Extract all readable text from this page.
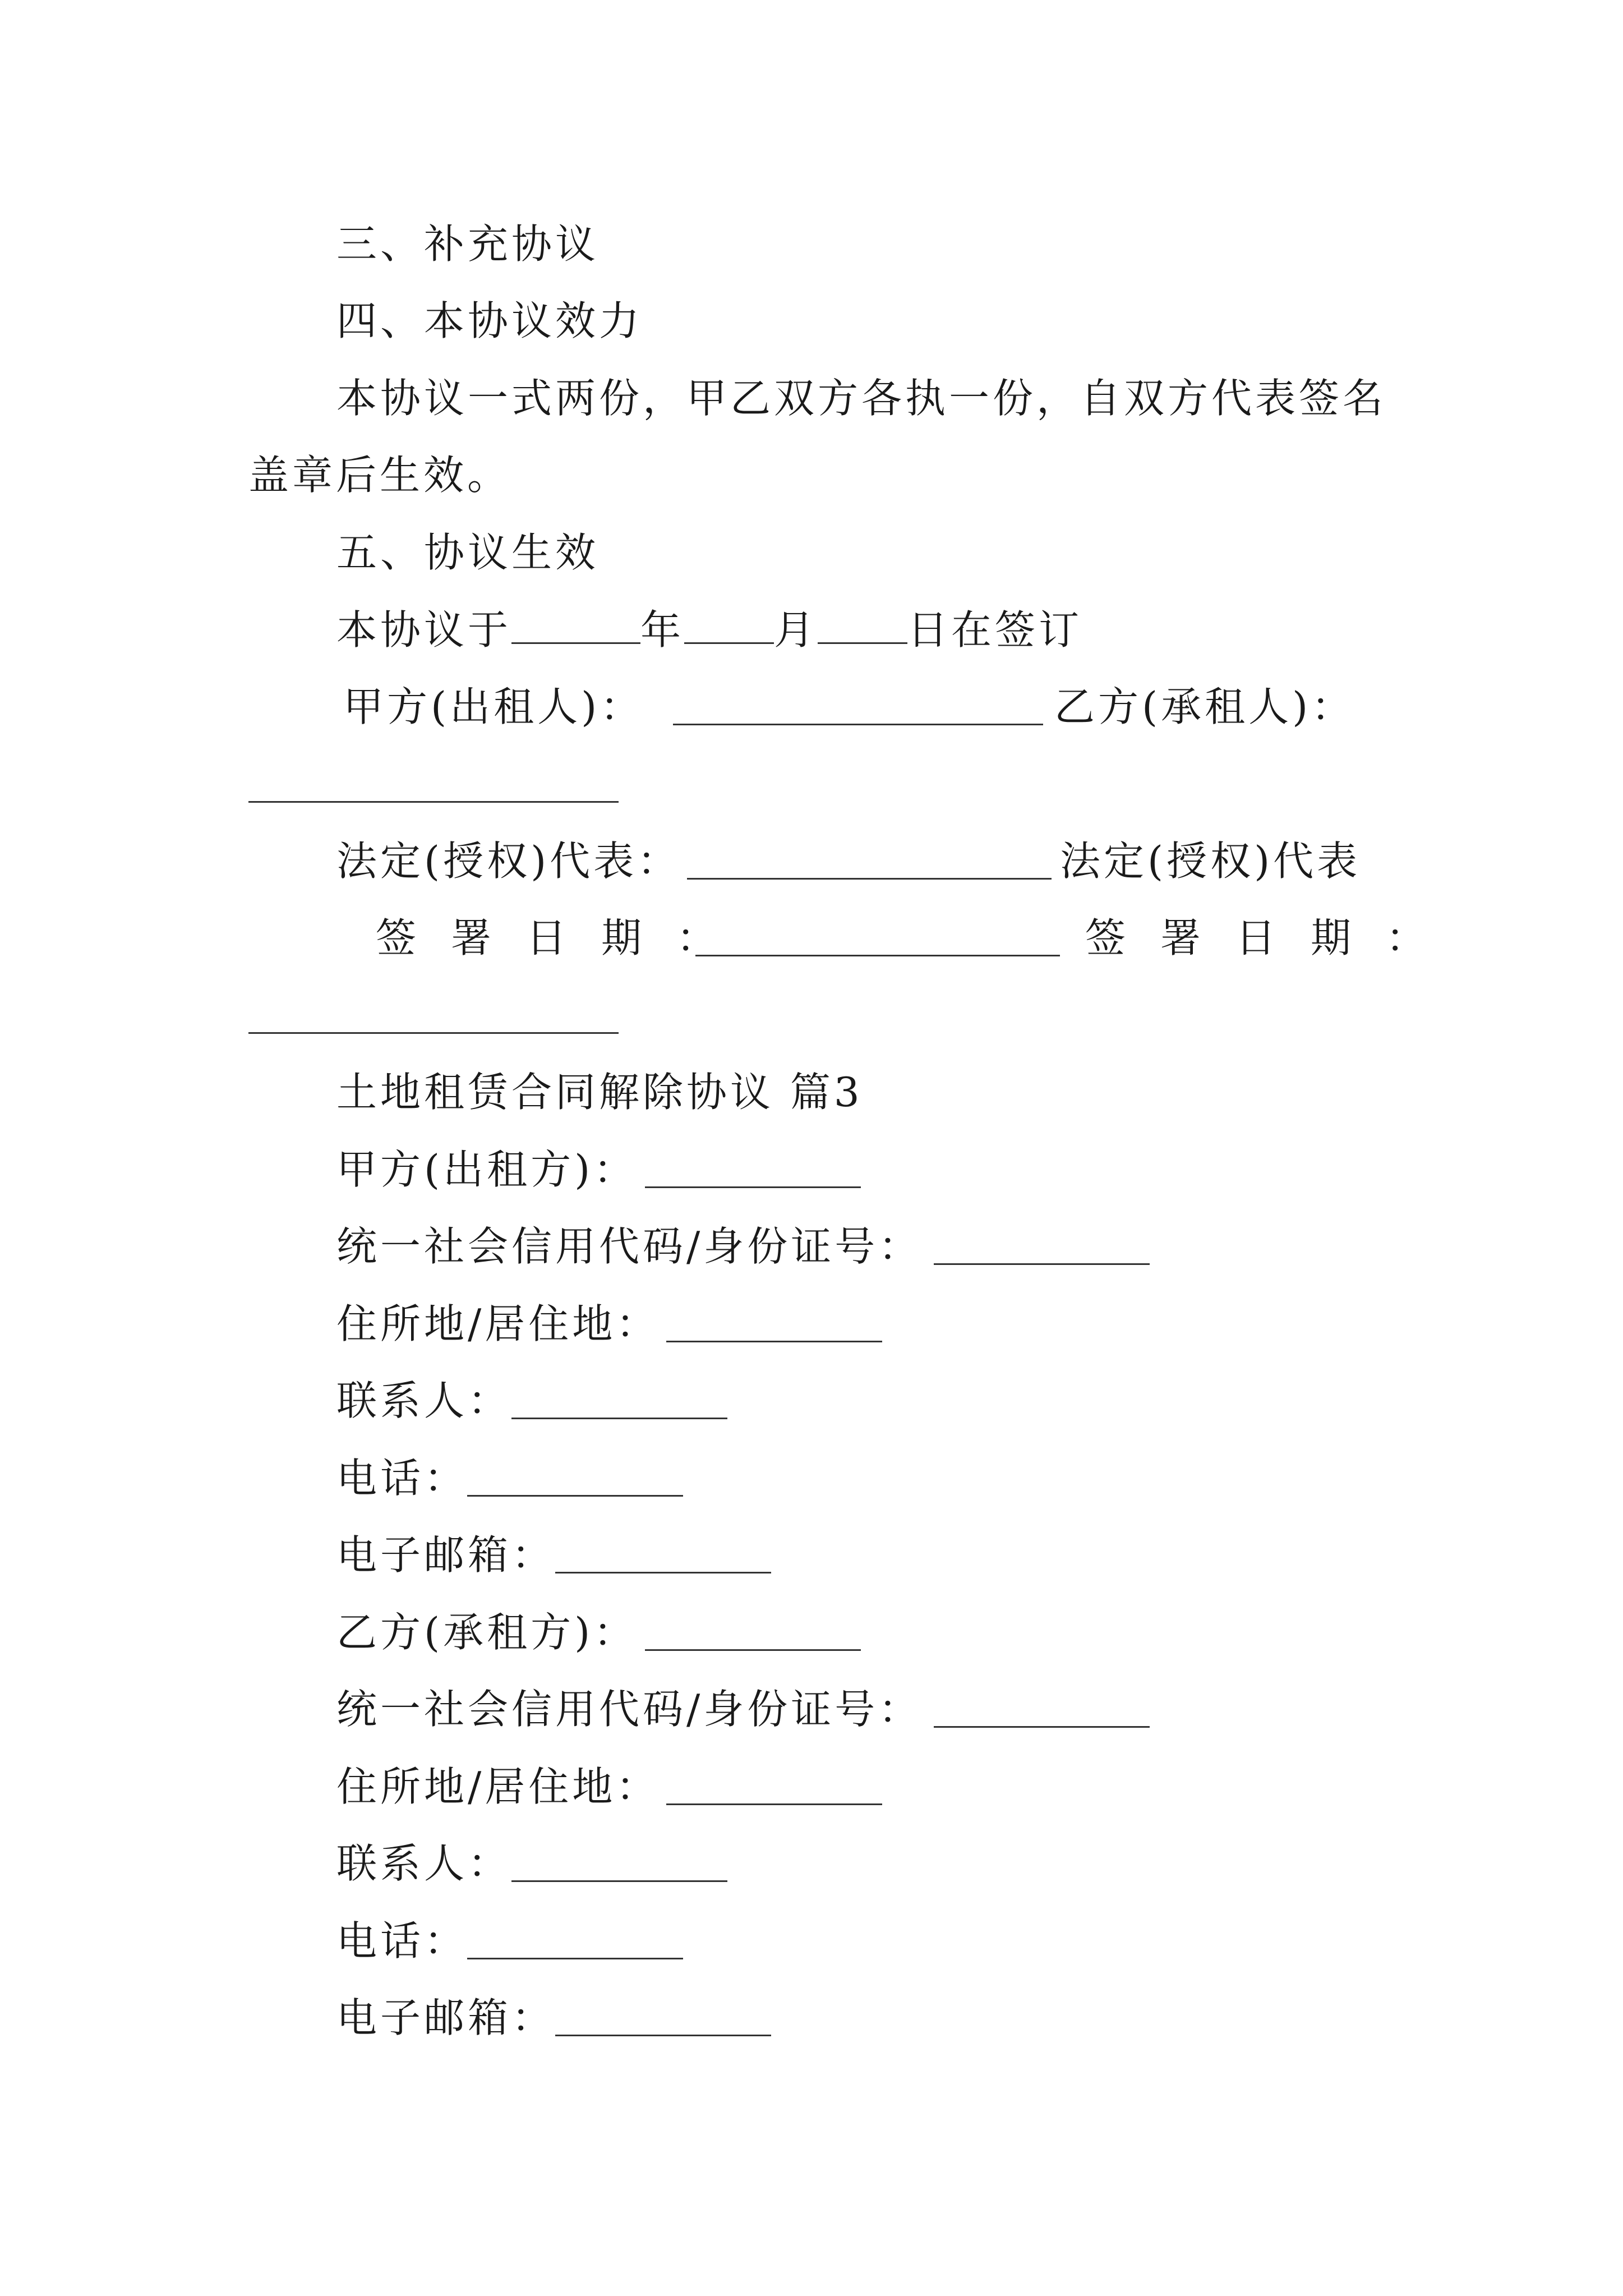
三、补充协议
四、本协议效力
本协议一式两份，甲乙双方各执一份，自双方代表签名
盖章后生效。
五、协议生效
本协议于	年 月 日在签订
甲方(出租人)：	乙方(承租人)：
法定(授权)代表：	法定(授权)代表
签署日期：	签署日期：
土地租赁合同解除协议 篇3
甲方(出租方)：
统一社会信用代码/身份证号：
住所地/居住地：
联系人：
电话：
电子邮箱：
乙方(承租方)：
统一社会信用代码/身份证号：
住所地/居住地：
联系人：
电话：
电子邮箱：
